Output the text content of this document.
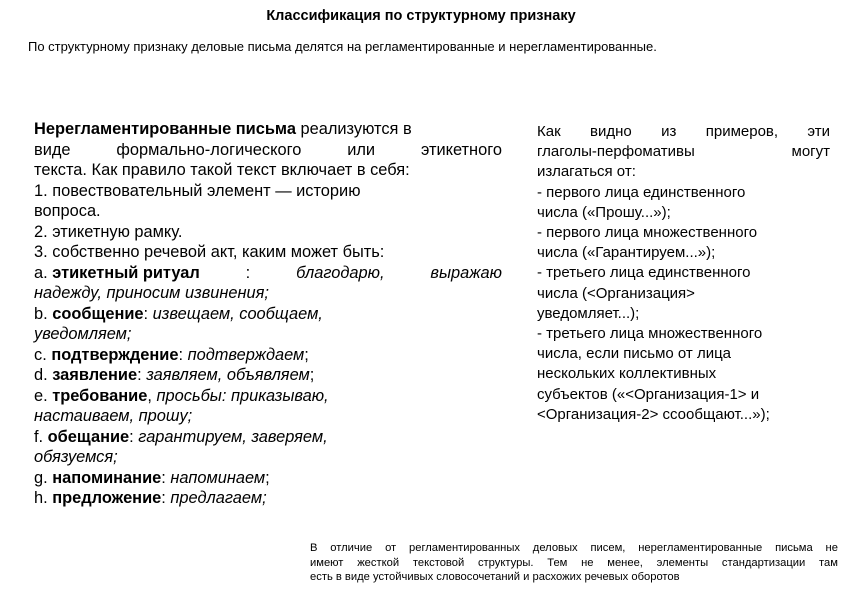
Классификация по структурному признаку
По структурному признаку деловые письма делятся на регламентированные и нерегламентированные.
Нерегламентированные письма реализуются в
виде	формально-логического	или	этикетного
текста. Как правило такой текст включает в себя:
1. повествовательный элемент — историю
вопроса.
2. этикетную рамку.
3. собственно речевой акт, каким может быть:
a. этикетный ритуал	:	благодарю,	выражаю
надежду, приносим извинения;
b. сообщение: извещаем, сообщаем,
уведомляем;
c. подтверждение: подтверждаем;
d. заявление: заявляем, объявляем;
e. требование, просьбы: приказываю,
настаиваем, прошу;
f. обещание: гарантируем, заверяем,
обязуемся;
g. напоминание: напоминаем;
h. предложение: предлагаем;
Как видно из примеров, эти
глаголы-перфомативы	могут
излагаться от:
- первого лица единственного
числа («Прошу...»);
- первого лица множественного
числа («Гарантируем...»);
- третьего лица единственного
числа (<Организация>
уведомляет...);
- третьего лица множественного
числа, если письмо от лица
нескольких коллективных
субъектов («<Организация-1> и
<Организация-2> ссообщают...»);
В отличие от регламентированных деловых писем, нерегламентированные письма не
имеют жесткой текстовой структуры. Тем не менее, элементы стандартизации там
есть в виде устойчивых словосочетаний и расхожих речевых оборотов
